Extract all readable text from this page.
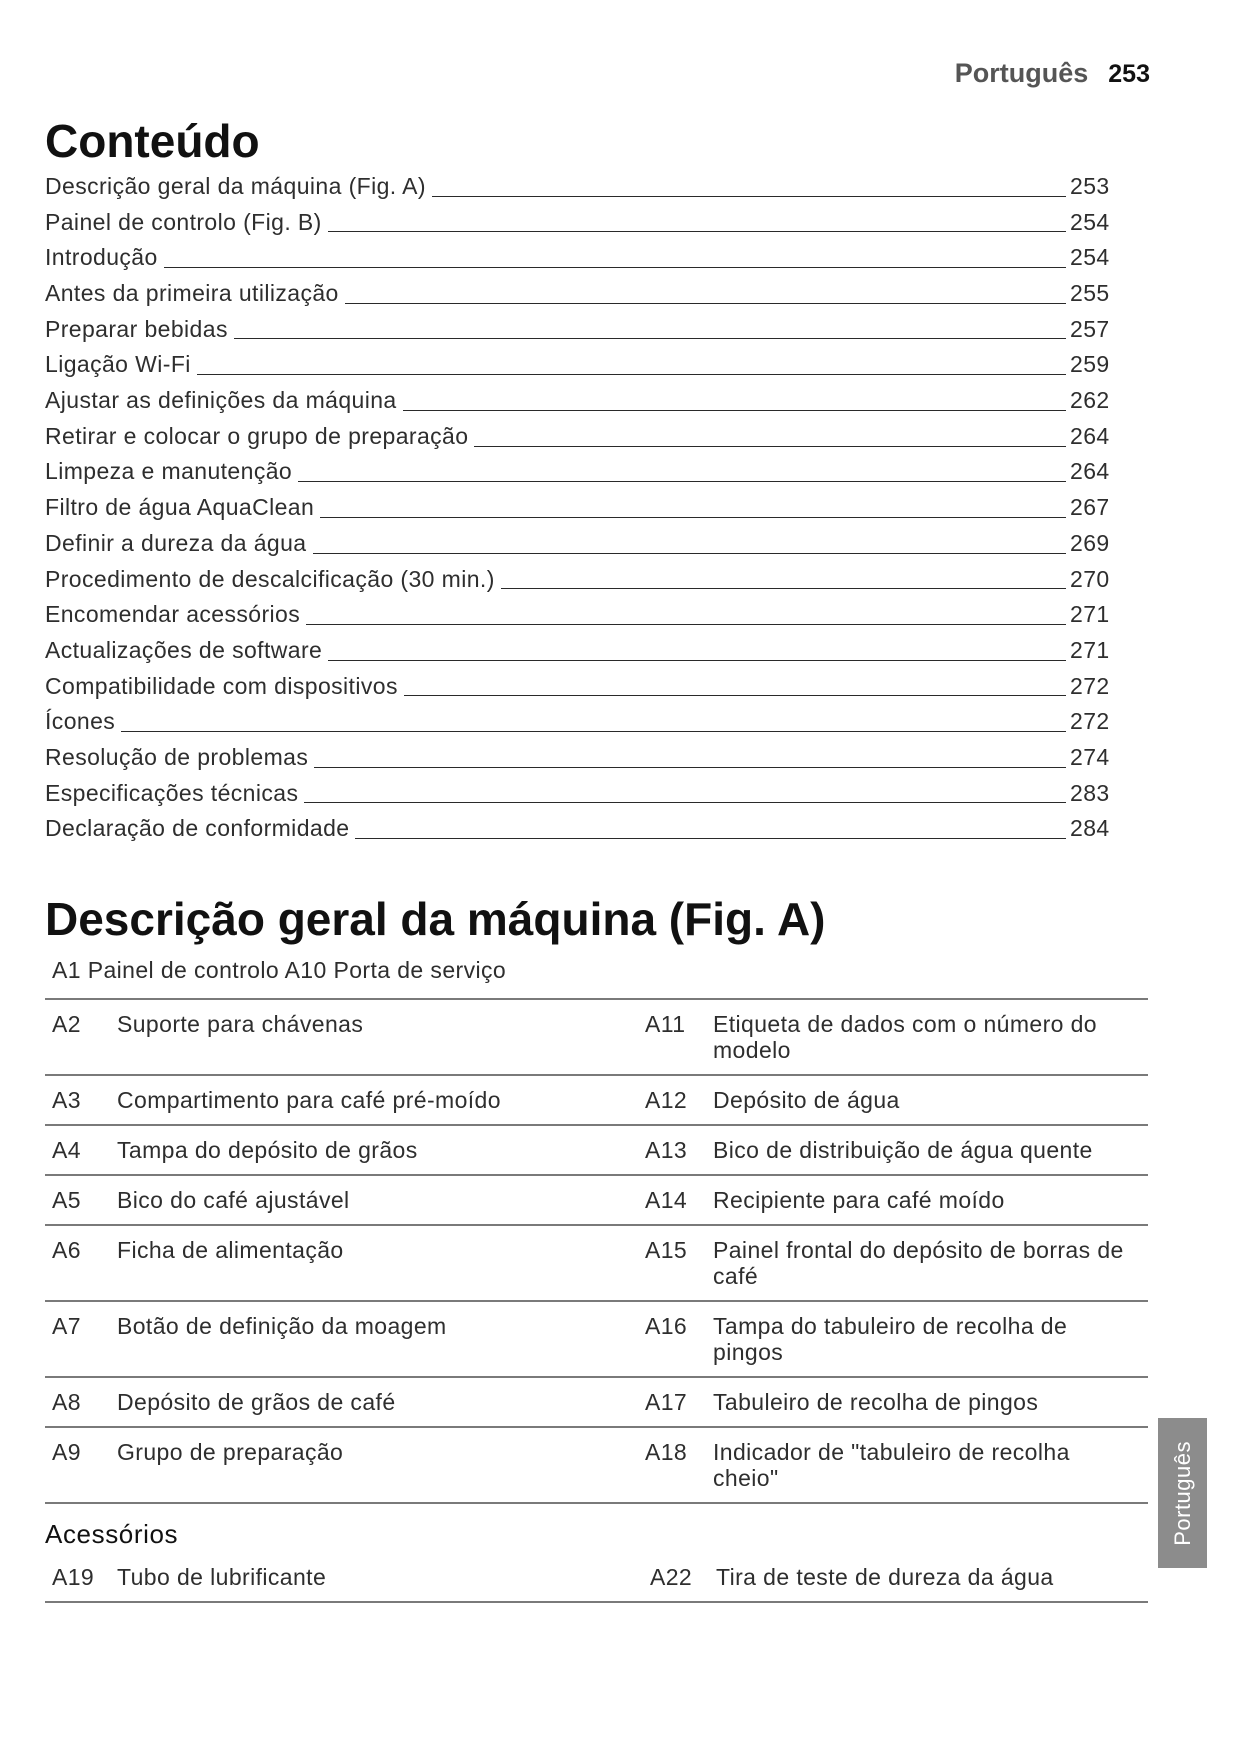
Português 253
Conteúdo
Descrição geral da máquina (Fig. A)	253
Painel de controlo (Fig. B)	254
Introdução	254
Antes da primeira utilização	255
Preparar bebidas	257
Ligação Wi-Fi	259
Ajustar as definições da máquina	262
Retirar e colocar o grupo de preparação	264
Limpeza e manutenção	264
Filtro de água AquaClean	267
Definir a dureza da água	269
Procedimento de descalcificação (30 min.)	270
Encomendar acessórios	271
Actualizações de software	271
Compatibilidade com dispositivos	272
Ícones	272
Resolução de problemas	274
Especificações técnicas	283
Declaração de conformidade	284
Descrição geral da máquina (Fig. A)
A1 Painel de controlo A10 Porta de serviço
A2	Suporte para chávenas	A11	Etiqueta de dados com o número do modelo
A3	Compartimento para café pré-moído	A12	Depósito de água
A4	Tampa do depósito de grãos	A13	Bico de distribuição de água quente
A5	Bico do café ajustável	A14	Recipiente para café moído
A6	Ficha de alimentação	A15	Painel frontal do depósito de borras de café
A7	Botão de definição da moagem	A16	Tampa do tabuleiro de recolha de pingos
A8	Depósito de grãos de café	A17	Tabuleiro de recolha de pingos
A9	Grupo de preparação	A18	Indicador de "tabuleiro de recolha cheio"
Acessórios
A19 Tubo de lubrificante	A22	Tira de teste de dureza da água
Português
